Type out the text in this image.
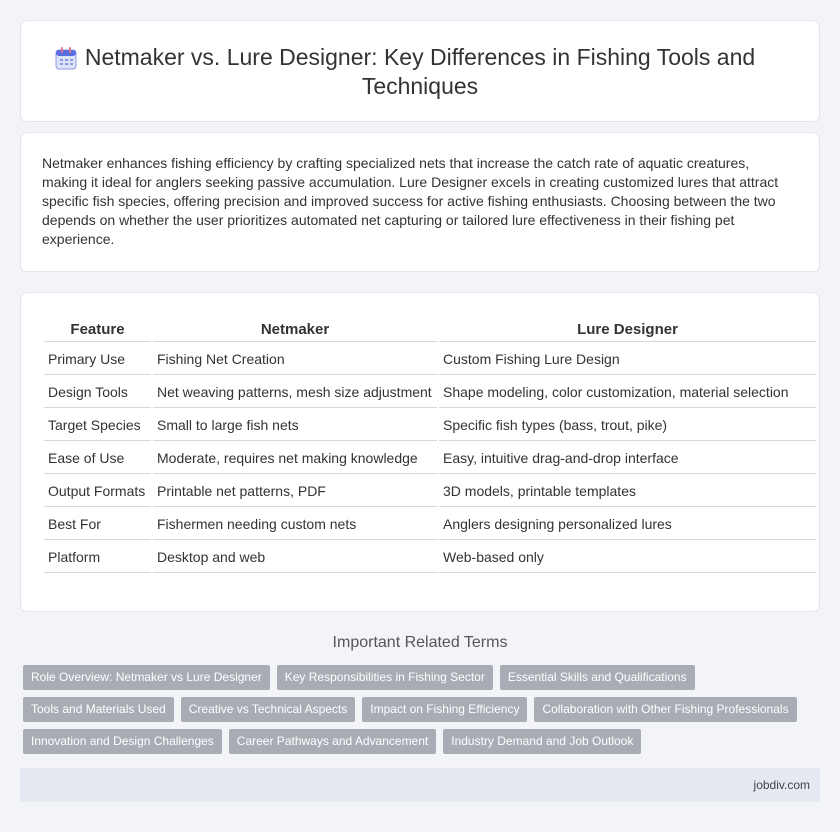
Netmaker vs. Lure Designer: Key Differences in Fishing Tools and Techniques

Netmaker enhances fishing efficiency by crafting specialized nets that increase the catch rate of aquatic creatures, making it ideal for anglers seeking passive accumulation. Lure Designer excels in creating customized lures that attract specific fish species, offering precision and improved success for active fishing enthusiasts. Choosing between the two depends on whether the user prioritizes automated net capturing or tailored lure effectiveness in their fishing pet experience.

Feature	Netmaker	Lure Designer
Primary Use	Fishing Net Creation	Custom Fishing Lure Design
Design Tools	Net weaving patterns, mesh size adjustment	Shape modeling, color customization, material selection
Target Species	Small to large fish nets	Specific fish types (bass, trout, pike)
Ease of Use	Moderate, requires net making knowledge	Easy, intuitive drag-and-drop interface
Output Formats	Printable net patterns, PDF	3D models, printable templates
Best For	Fishermen needing custom nets	Anglers designing personalized lures
Platform	Desktop and web	Web-based only
Important Related Terms
Role Overview: Netmaker vs Lure Designer	Key Responsibilities in Fishing Sector	Essential Skills and Qualifications
Tools and Materials Used	Creative vs Technical Aspects	Impact on Fishing Efficiency	Collaboration with Other Fishing Professionals
Innovation and Design Challenges	Career Pathways and Advancement	Industry Demand and Job Outlook
jobdiv.com
